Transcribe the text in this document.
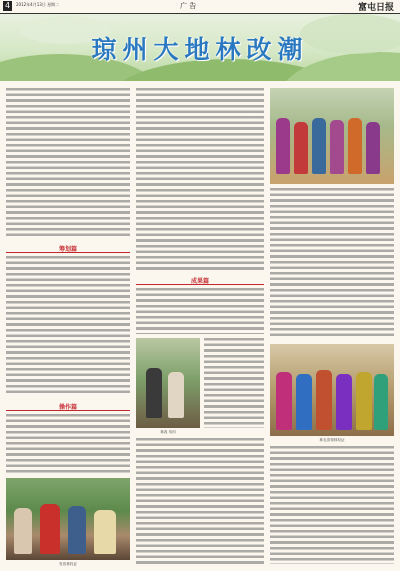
4	2012年4月13日 星期二	广 告	富屯日报
琼州大地林改潮
筹划篇
操作篇
发放林权证
成果篇
林改 培训
林农喜领林权证
